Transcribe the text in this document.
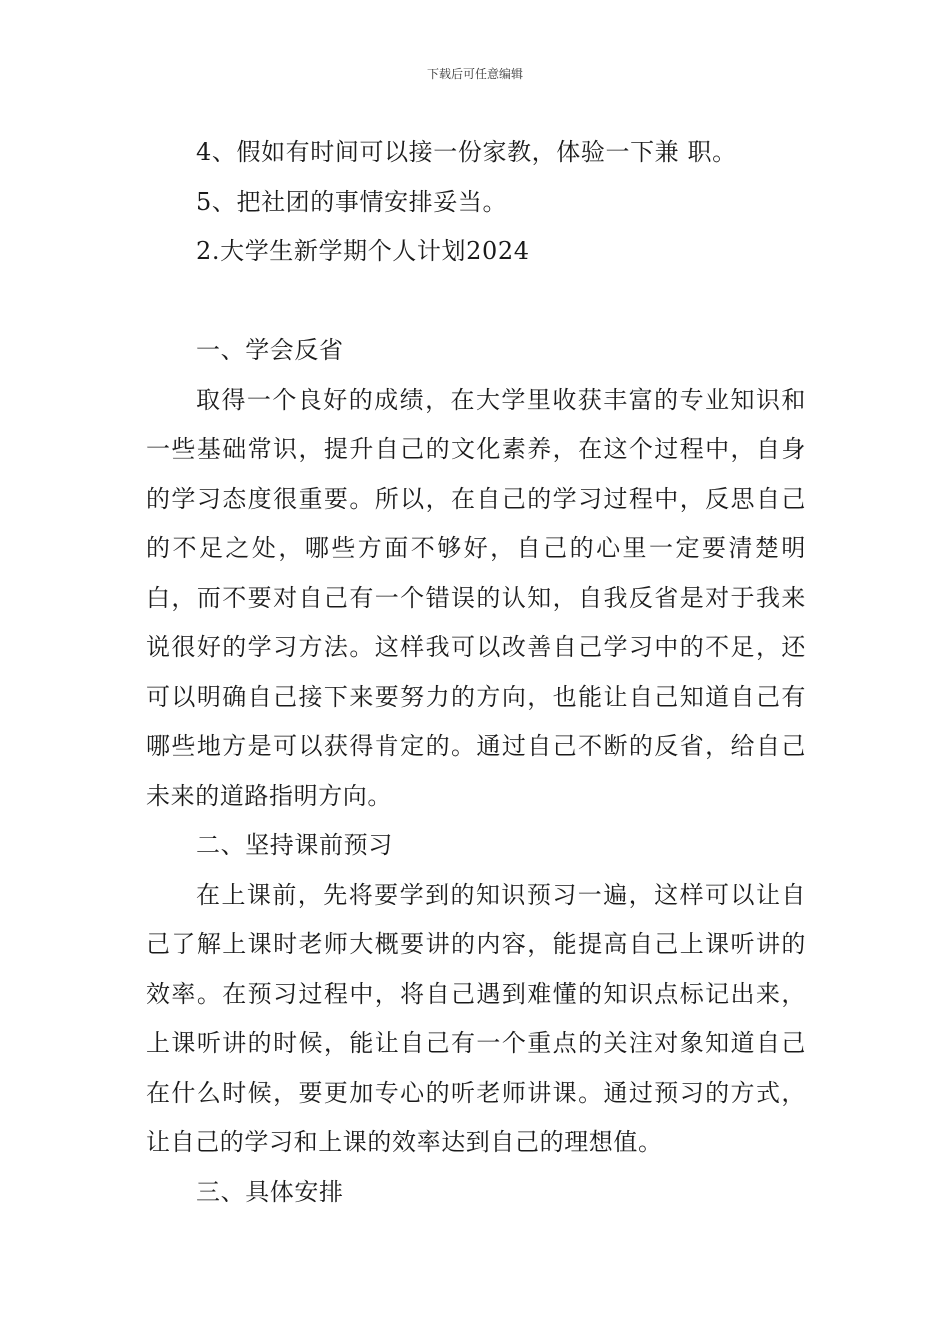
下载后可任意编辑
4、假如有时间可以接一份家教，体验一下兼 职。
5、把社团的事情安排妥当。
2.大学生新学期个人计划2024
一、学会反省
取得一个良好的成绩，在大学里收获丰富的专业知识和一些基础常识，提升自己的文化素养，在这个过程中，自身的学习态度很重要。所以，在自己的学习过程中，反思自己的不足之处，哪些方面不够好，自己的心里一定要清楚明白，而不要对自己有一个错误的认知，自我反省是对于我来说很好的学习方法。这样我可以改善自己学习中的不足，还可以明确自己接下来要努力的方向，也能让自己知道自己有哪些地方是可以获得肯定的。通过自己不断的反省，给自己未来的道路指明方向。
二、坚持课前预习
在上课前，先将要学到的知识预习一遍，这样可以让自己了解上课时老师大概要讲的内容，能提高自己上课听讲的效率。在预习过程中，将自己遇到难懂的知识点标记出来，上课听讲的时候，能让自己有一个重点的关注对象知道自己在什么时候，要更加专心的听老师讲课。通过预习的方式，让自己的学习和上课的效率达到自己的理想值。
三、具体安排
